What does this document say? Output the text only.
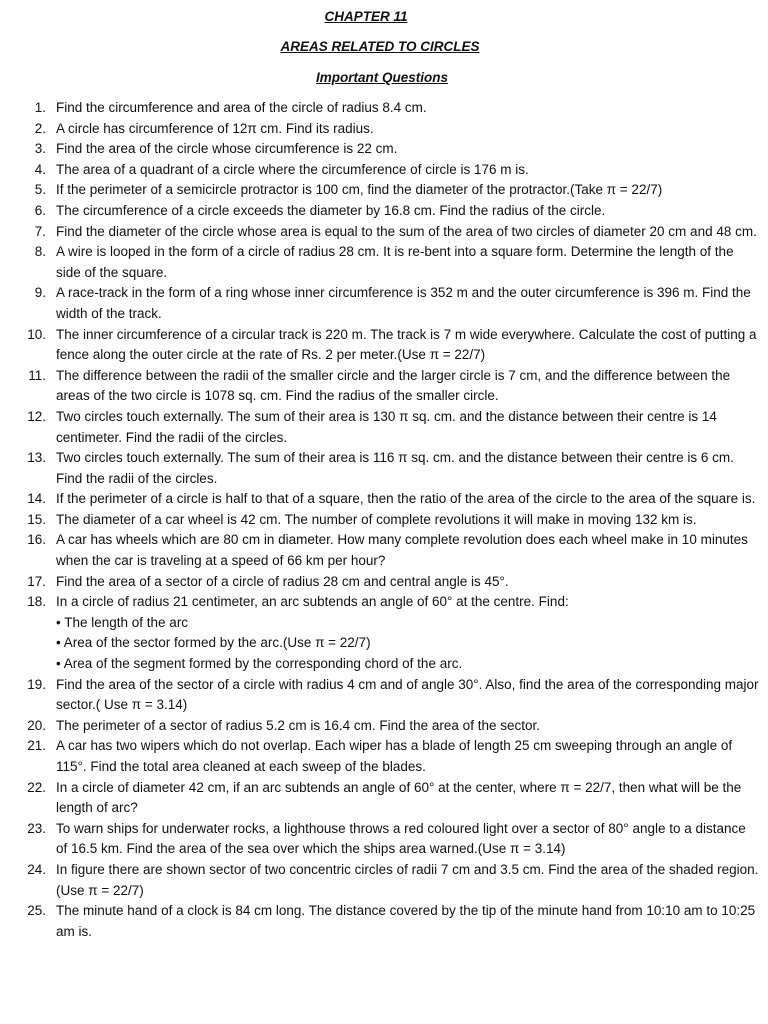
CHAPTER 11
AREAS RELATED TO CIRCLES
Important Questions
1. Find the circumference and area of the circle of radius 8.4 cm.
2. A circle has circumference of 12π cm. Find its radius.
3. Find the area of the circle whose circumference is 22 cm.
4. The area of a quadrant of a circle where the circumference of circle is 176 m is.
5. If the perimeter of a semicircle protractor is 100 cm, find the diameter of the protractor.(Take π = 22/7)
6. The circumference of a circle exceeds the diameter by 16.8 cm. Find the radius of the circle.
7. Find the diameter of the circle whose area is equal to the sum of the area of two circles of diameter 20 cm and 48 cm.
8. A wire is looped in the form of a circle of radius 28 cm. It is re-bent into a square form. Determine the length of the side of the square.
9. A race-track in the form of a ring whose inner circumference is 352 m and the outer circumference is 396 m. Find the width of the track.
10. The inner circumference of a circular track is 220 m. The track is 7 m wide everywhere. Calculate the cost of putting a fence along the outer circle at the rate of Rs. 2 per meter.(Use π = 22/7)
11. The difference between the radii of the smaller circle and the larger circle is 7 cm, and the difference between the areas of the two circle is 1078 sq. cm. Find the radius of the smaller circle.
12. Two circles touch externally. The sum of their area is 130 π sq. cm. and the distance between their centre is 14 centimeter. Find the radii of the circles.
13. Two circles touch externally. The sum of their area is 116 π sq. cm. and the distance between their centre is 6 cm. Find the radii of the circles.
14. If the perimeter of a circle is half to that of a square, then the ratio of the area of the circle to the area of the square is.
15. The diameter of a car wheel is 42 cm. The number of complete revolutions it will make in moving 132 km is.
16. A car has wheels which are 80 cm in diameter. How many complete revolution does each wheel make in 10 minutes when the car is traveling at a speed of 66 km per hour?
17. Find the area of a sector of a circle of radius 28 cm and central angle is 45°.
18. In a circle of radius 21 centimeter, an arc subtends an angle of 60° at the centre. Find:
• The length of the arc
• Area of the sector formed by the arc.(Use π = 22/7)
• Area of the segment formed by the corresponding chord of the arc.
19. Find the area of the sector of a circle with radius 4 cm and of angle 30°. Also, find the area of the corresponding major sector.( Use π = 3.14)
20. The perimeter of a sector of radius 5.2 cm is 16.4 cm. Find the area of the sector.
21. A car has two wipers which do not overlap. Each wiper has a blade of length 25 cm sweeping through an angle of 115°. Find the total area cleaned at each sweep of the blades.
22. In a circle of diameter 42 cm, if an arc subtends an angle of 60° at the center, where π = 22/7, then what will be the length of arc?
23. To warn ships for underwater rocks, a lighthouse throws a red coloured light over a sector of 80° angle to a distance of 16.5 km. Find the area of the sea over which the ships area warned.(Use π = 3.14)
24. In figure there are shown sector of two concentric circles of radii 7 cm and 3.5 cm. Find the area of the shaded region.(Use π = 22/7)
25. The minute hand of a clock is 84 cm long. The distance covered by the tip of the minute hand from 10:10 am to 10:25 am is.
